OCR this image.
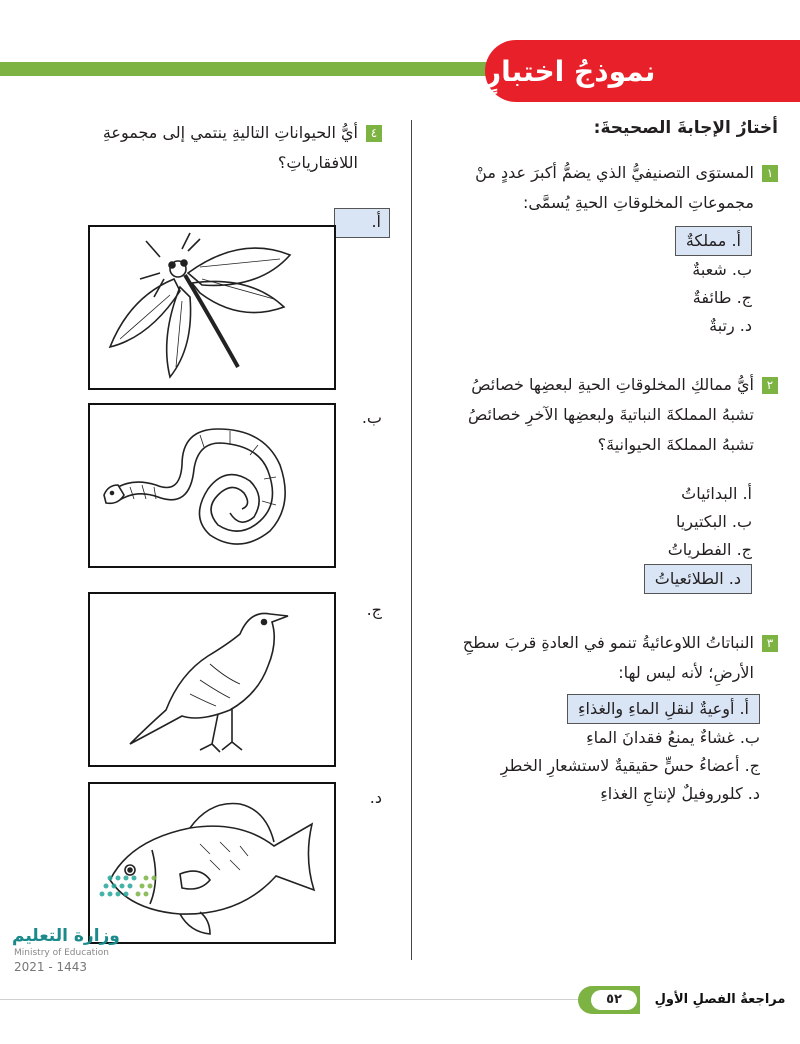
نموذجُ اختبارٍ
أختارُ الإجابةَ الصحيحةَ:
١المستوَى التصنيفيُّ الذي يضمُّ أكبرَ عددٍ منْ
مجموعاتِ المخلوقاتِ الحيةِ يُسمَّى:
أ. مملكةٌ
ب. شعبةٌ
ج. طائفةٌ
د. رتبةٌ
٢أيُّ ممالكِ المخلوقاتِ الحيةِ لبعضِها خصائصُ
تشبهُ المملكةَ النباتيةَ ولبعضِها الآخرِ خصائصُ
تشبهُ المملكةَ الحيوانيةَ؟
أ. البدائياتُ
ب. البكتيريا
ج. الفطرياتُ
د. الطلائعياتُ
٣النباتاتُ اللاوعائيةُ تنمو في العادةِ قربَ سطحِ
الأرضِ؛ لأنه ليس لها:
أ. أوعيةٌ لنقلِ الماءِ والغذاءِ
ب. غشاءٌ يمنعُ فقدانَ الماءِ
ج. أعضاءُ حسٍّ حقيقيةٌ لاستشعارِ الخطرِ
د. كلوروفيلٌ لإنتاجِ الغذاءِ
٤أيُّ الحيواناتِ التاليةِ ينتمي إلى مجموعةِ
اللافقارياتِ؟
أ.
ب.
ج.
د.
وزارة التعليم
Ministry of Education
2021 - 1443
٥٢	مراجعةُ الفصلِ الأولِ
